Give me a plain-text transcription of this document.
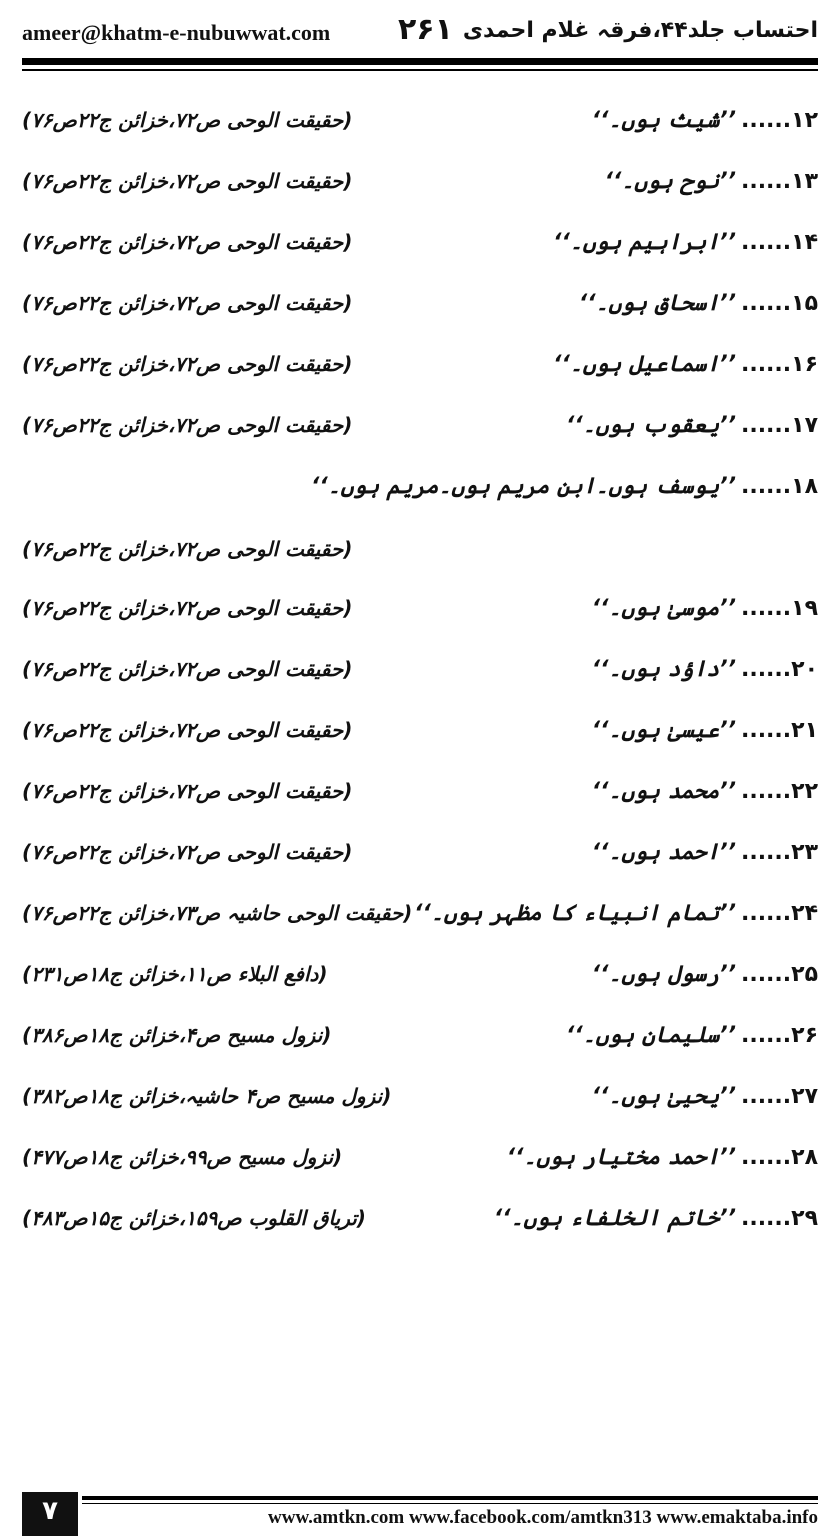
ameer@khatm-e-nubuwwat.com ۲۶۱ احتساب جلد۴۴،فرقہ غلام احمدی
۱۲......
’’شیث ہوں۔‘‘
(حقیقت الوحی ص۷۲،خزائن ج۲۲ص۷۶)
۱۳......
’’نوح ہوں۔‘‘
(حقیقت الوحی ص۷۲،خزائن ج۲۲ص۷۶)
۱۴......
’’ابراہیم ہوں۔‘‘
(حقیقت الوحی ص۷۲،خزائن ج۲۲ص۷۶)
۱۵......
’’اسحاق ہوں۔‘‘
(حقیقت الوحی ص۷۲،خزائن ج۲۲ص۷۶)
۱۶......
’’اسماعیل ہوں۔‘‘
(حقیقت الوحی ص۷۲،خزائن ج۲۲ص۷۶)
۱۷......
’’یعقوب ہوں۔‘‘
(حقیقت الوحی ص۷۲،خزائن ج۲۲ص۷۶)
۱۸......
’’یوسف ہوں۔ابن مریم ہوں۔مریم ہوں۔‘‘
(حقیقت الوحی ص۷۲،خزائن ج۲۲ص۷۶)
۱۹......
’’موسیٰ ہوں۔‘‘
(حقیقت الوحی ص۷۲،خزائن ج۲۲ص۷۶)
۲۰......
’’داؤد ہوں۔‘‘
(حقیقت الوحی ص۷۲،خزائن ج۲۲ص۷۶)
۲۱......
’’عیسیٰ ہوں۔‘‘
(حقیقت الوحی ص۷۲،خزائن ج۲۲ص۷۶)
۲۲......
’’محمد ہوں۔‘‘
(حقیقت الوحی ص۷۲،خزائن ج۲۲ص۷۶)
۲۳......
’’احمد ہوں۔‘‘
(حقیقت الوحی ص۷۲،خزائن ج۲۲ص۷۶)
۲۴......
’’تمام انبیاء کا مظہر ہوں۔‘‘
(حقیقت الوحی حاشیہ ص۷۳،خزائن ج۲۲ص۷۶)
۲۵......
’’رسول ہوں۔‘‘
(دافع البلاء ص۱۱،خزائن ج۱۸ص۲۳۱)
۲۶......
’’سلیمان ہوں۔‘‘
(نزول مسیح ص۴،خزائن ج۱۸ص۳۸۶)
۲۷......
’’یحییٰ ہوں۔‘‘
(نزول مسیح ص۴ حاشیہ،خزائن ج۱۸ص۳۸۲)
۲۸......
’’احمد مختیار ہوں۔‘‘
(نزول مسیح ص۹۹،خزائن ج۱۸ص۴۷۷)
۲۹......
’’خاتم الخلفاء ہوں۔‘‘
(تریاق القلوب ص۱۵۹،خزائن ج۱۵ص۴۸۳)
۷	www.amtkn.com www.facebook.com/amtkn313 www.emaktaba.info
